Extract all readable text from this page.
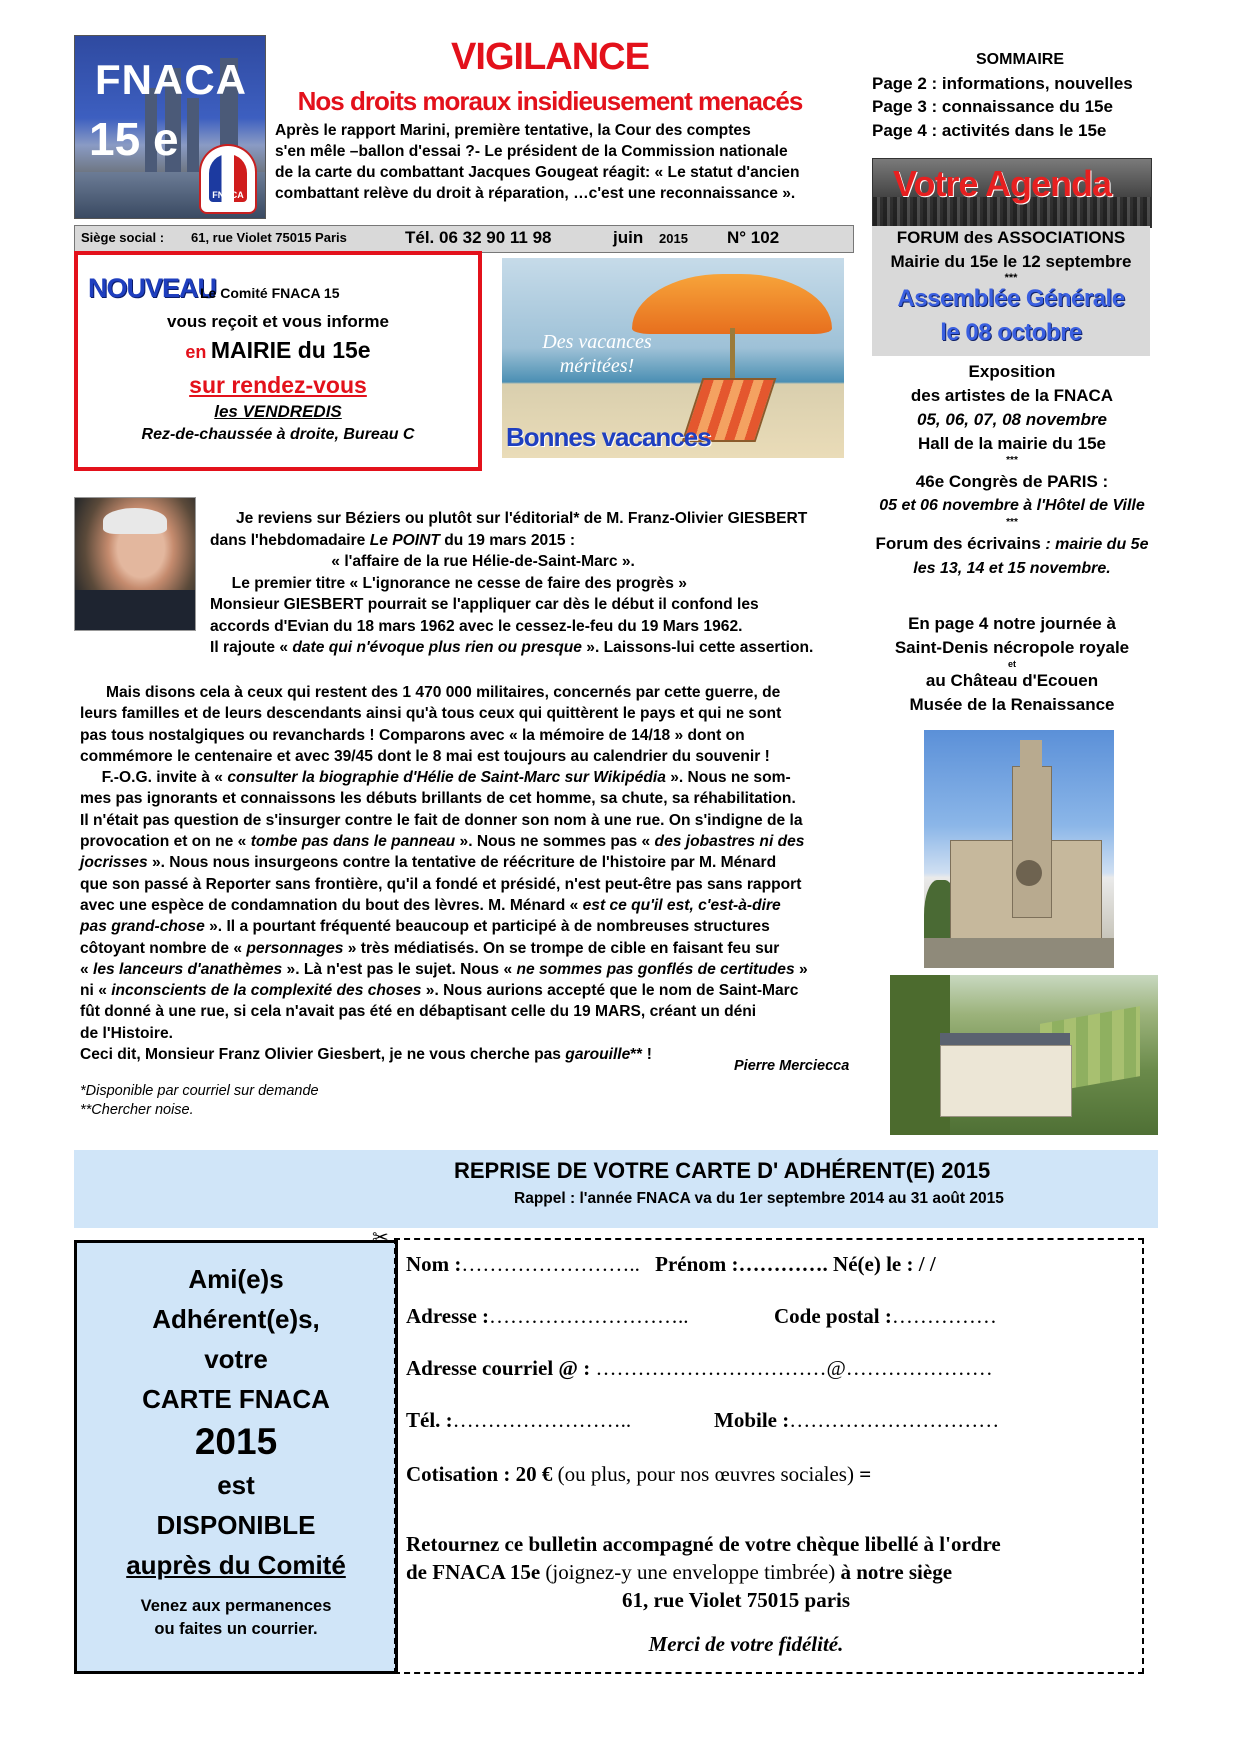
FNACA
15 e
FNACA
VIGILANCE
Nos droits moraux insidieusement menacés
Après le rapport Marini, première tentative, la Cour des comptes
s'en mêle –ballon d'essai ?- Le président de la Commission nationale
de la carte du combattant Jacques Gougeat réagit: « Le statut d'ancien
combattant relève du droit à réparation, …c'est une reconnaissance ».
Siège social : 61, rue Violet 75015 Paris	Tél. 06 32 90 11 98	juin 2015 N° 102
SOMMAIRE
Page 2 : informations, nouvelles
Page 3 : connaissance du 15e
Page 4 : activités dans le 15e
Votre Agenda
FORUM des ASSOCIATIONS
Mairie du 15e le 12 septembre
***
Assemblée Générale
le 08 octobre
Exposition
des artistes de la FNACA
05, 06, 07, 08 novembre
Hall de la mairie du 15e
***
46e Congrès de PARIS :
05 et 06 novembre à l'Hôtel de Ville
***
Forum des écrivains : mairie du 5e
les 13, 14 et 15 novembre.
En page 4 notre journée à
Saint-Denis nécropole royale
et
au Château d'Ecouen
Musée de la Renaissance
NOUVEAU
Le Comité FNACA 15
vous reçoit et vous informe
en MAIRIE du 15e
sur rendez-vous
les VENDREDIS
Rez-de-chaussée à droite, Bureau C
Des vacances
méritées!
Bonnes vacances
Je reviens sur Béziers ou plutôt sur l'éditorial* de M. Franz-Olivier GIESBERT
dans l'hebdomadaire Le POINT du 19 mars 2015 :
« l'affaire de la rue Hélie-de-Saint-Marc ».
Le premier titre « L'ignorance ne cesse de faire des progrès »
Monsieur GIESBERT pourrait se l'appliquer car dès le début il confond les
accords d'Evian du 18 mars 1962 avec le cessez-le-feu du 19 Mars 1962.
Il rajoute « date qui n'évoque plus rien ou presque ». Laissons-lui cette assertion.
Mais disons cela à ceux qui restent des 1 470 000 militaires, concernés par cette guerre, de
leurs familles et de leurs descendants ainsi qu'à tous ceux qui quittèrent le pays et qui ne sont
pas tous nostalgiques ou revanchards ! Comparons avec « la mémoire de 14/18 » dont on
commémore le centenaire et avec 39/45 dont le 8 mai est toujours au calendrier du souvenir !
F.-O.G. invite à « consulter la biographie d'Hélie de Saint-Marc sur Wikipédia ». Nous ne som-
mes pas ignorants et connaissons les débuts brillants de cet homme, sa chute, sa réhabilitation.
Il n'était pas question de s'insurger contre le fait de donner son nom à une rue. On s'indigne de la
provocation et on ne « tombe pas dans le panneau ». Nous ne sommes pas « des jobastres ni des
jocrisses ». Nous nous insurgeons contre la tentative de réécriture de l'histoire par M. Ménard
que son passé à Reporter sans frontière, qu'il a fondé et présidé, n'est peut-être pas sans rapport
avec une espèce de condamnation du bout des lèvres. M. Ménard « est ce qu'il est, c'est-à-dire
pas grand-chose ». Il a pourtant fréquenté beaucoup et participé à de nombreuses structures
côtoyant nombre de « personnages » très médiatisés. On se trompe de cible en faisant feu sur
« les lanceurs d'anathèmes ». Là n'est pas le sujet. Nous « ne sommes pas gonflés de certitudes »
ni « inconscients de la complexité des choses ». Nous aurions accepté que le nom de Saint-Marc
fût donné à une rue, si cela n'avait pas été en débaptisant celle du 19 MARS, créant un déni
de l'Histoire.
Ceci dit, Monsieur Franz Olivier Giesbert, je ne vous cherche pas garouille** !
Pierre Merciecca
*Disponible par courriel sur demande
**Chercher noise.
REPRISE DE VOTRE CARTE D' ADHÉRENT(E) 2015
Rappel : l'année FNACA va du 1er septembre 2014 au 31 août 2015
Ami(e)s
Adhérent(e)s,
votre
CARTE FNACA
2015
est
DISPONIBLE
auprès du Comité
Venez aux permanences
ou faites un courrier.
✂
Nom :…………………….. Prénom :…………. Né(e) le : / /
Adresse :………………………..	Code postal :……………
Adresse courriel @ : ……………………………@…………………
Tél. :……………………..	Mobile :…………………………
Cotisation : 20 € (ou plus, pour nos œuvres sociales) =
Retournez ce bulletin accompagné de votre chèque libellé à l'ordre
de FNACA 15e (joignez-y une enveloppe timbrée) à notre siège
61, rue Violet 75015 paris
Merci de votre fidélité.
